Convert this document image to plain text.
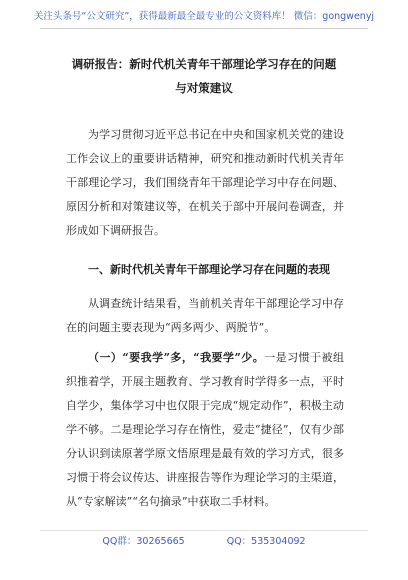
关注头条号“公文研究”，获得最新最全最专业的公文资料库！ 微信：gongwenyj
调研报告：新时代机关青年干部理论学习存在的问题与对策建议
为学习贯彻习近平总书记在中央和国家机关党的建设工作会议上的重要讲话精神，研究和推动新时代机关青年干部理论学习，我们围绕青年干部理论学习中存在问题、原因分析和对策建议等，在机关于部中开展问卷调查，并形成如下调研报告。
一、新时代机关青年干部理论学习存在问题的表现
从调查统计结果看，当前机关青年干部理论学习中存在的问题主要表现为“两多两少、两脱节”。
（一）“要我学”多，“我要学”少。一是习惯于被组织推着学，开展主题教育、学习教育时学得多一点，平时自学少，集体学习中也仅限于完成“规定动作”，积极主动学不够。二是理论学习存在惰性，爱走“捷径”，仅有少部分认识到读原著学原文悟原理是最有效的学习方式，很多习惯于将会议传达、讲座报告等作为理论学习的主渠道，从“专家解读”“名句摘录”中获取二手材料。
QQ群：30265665	QQ：535304092
